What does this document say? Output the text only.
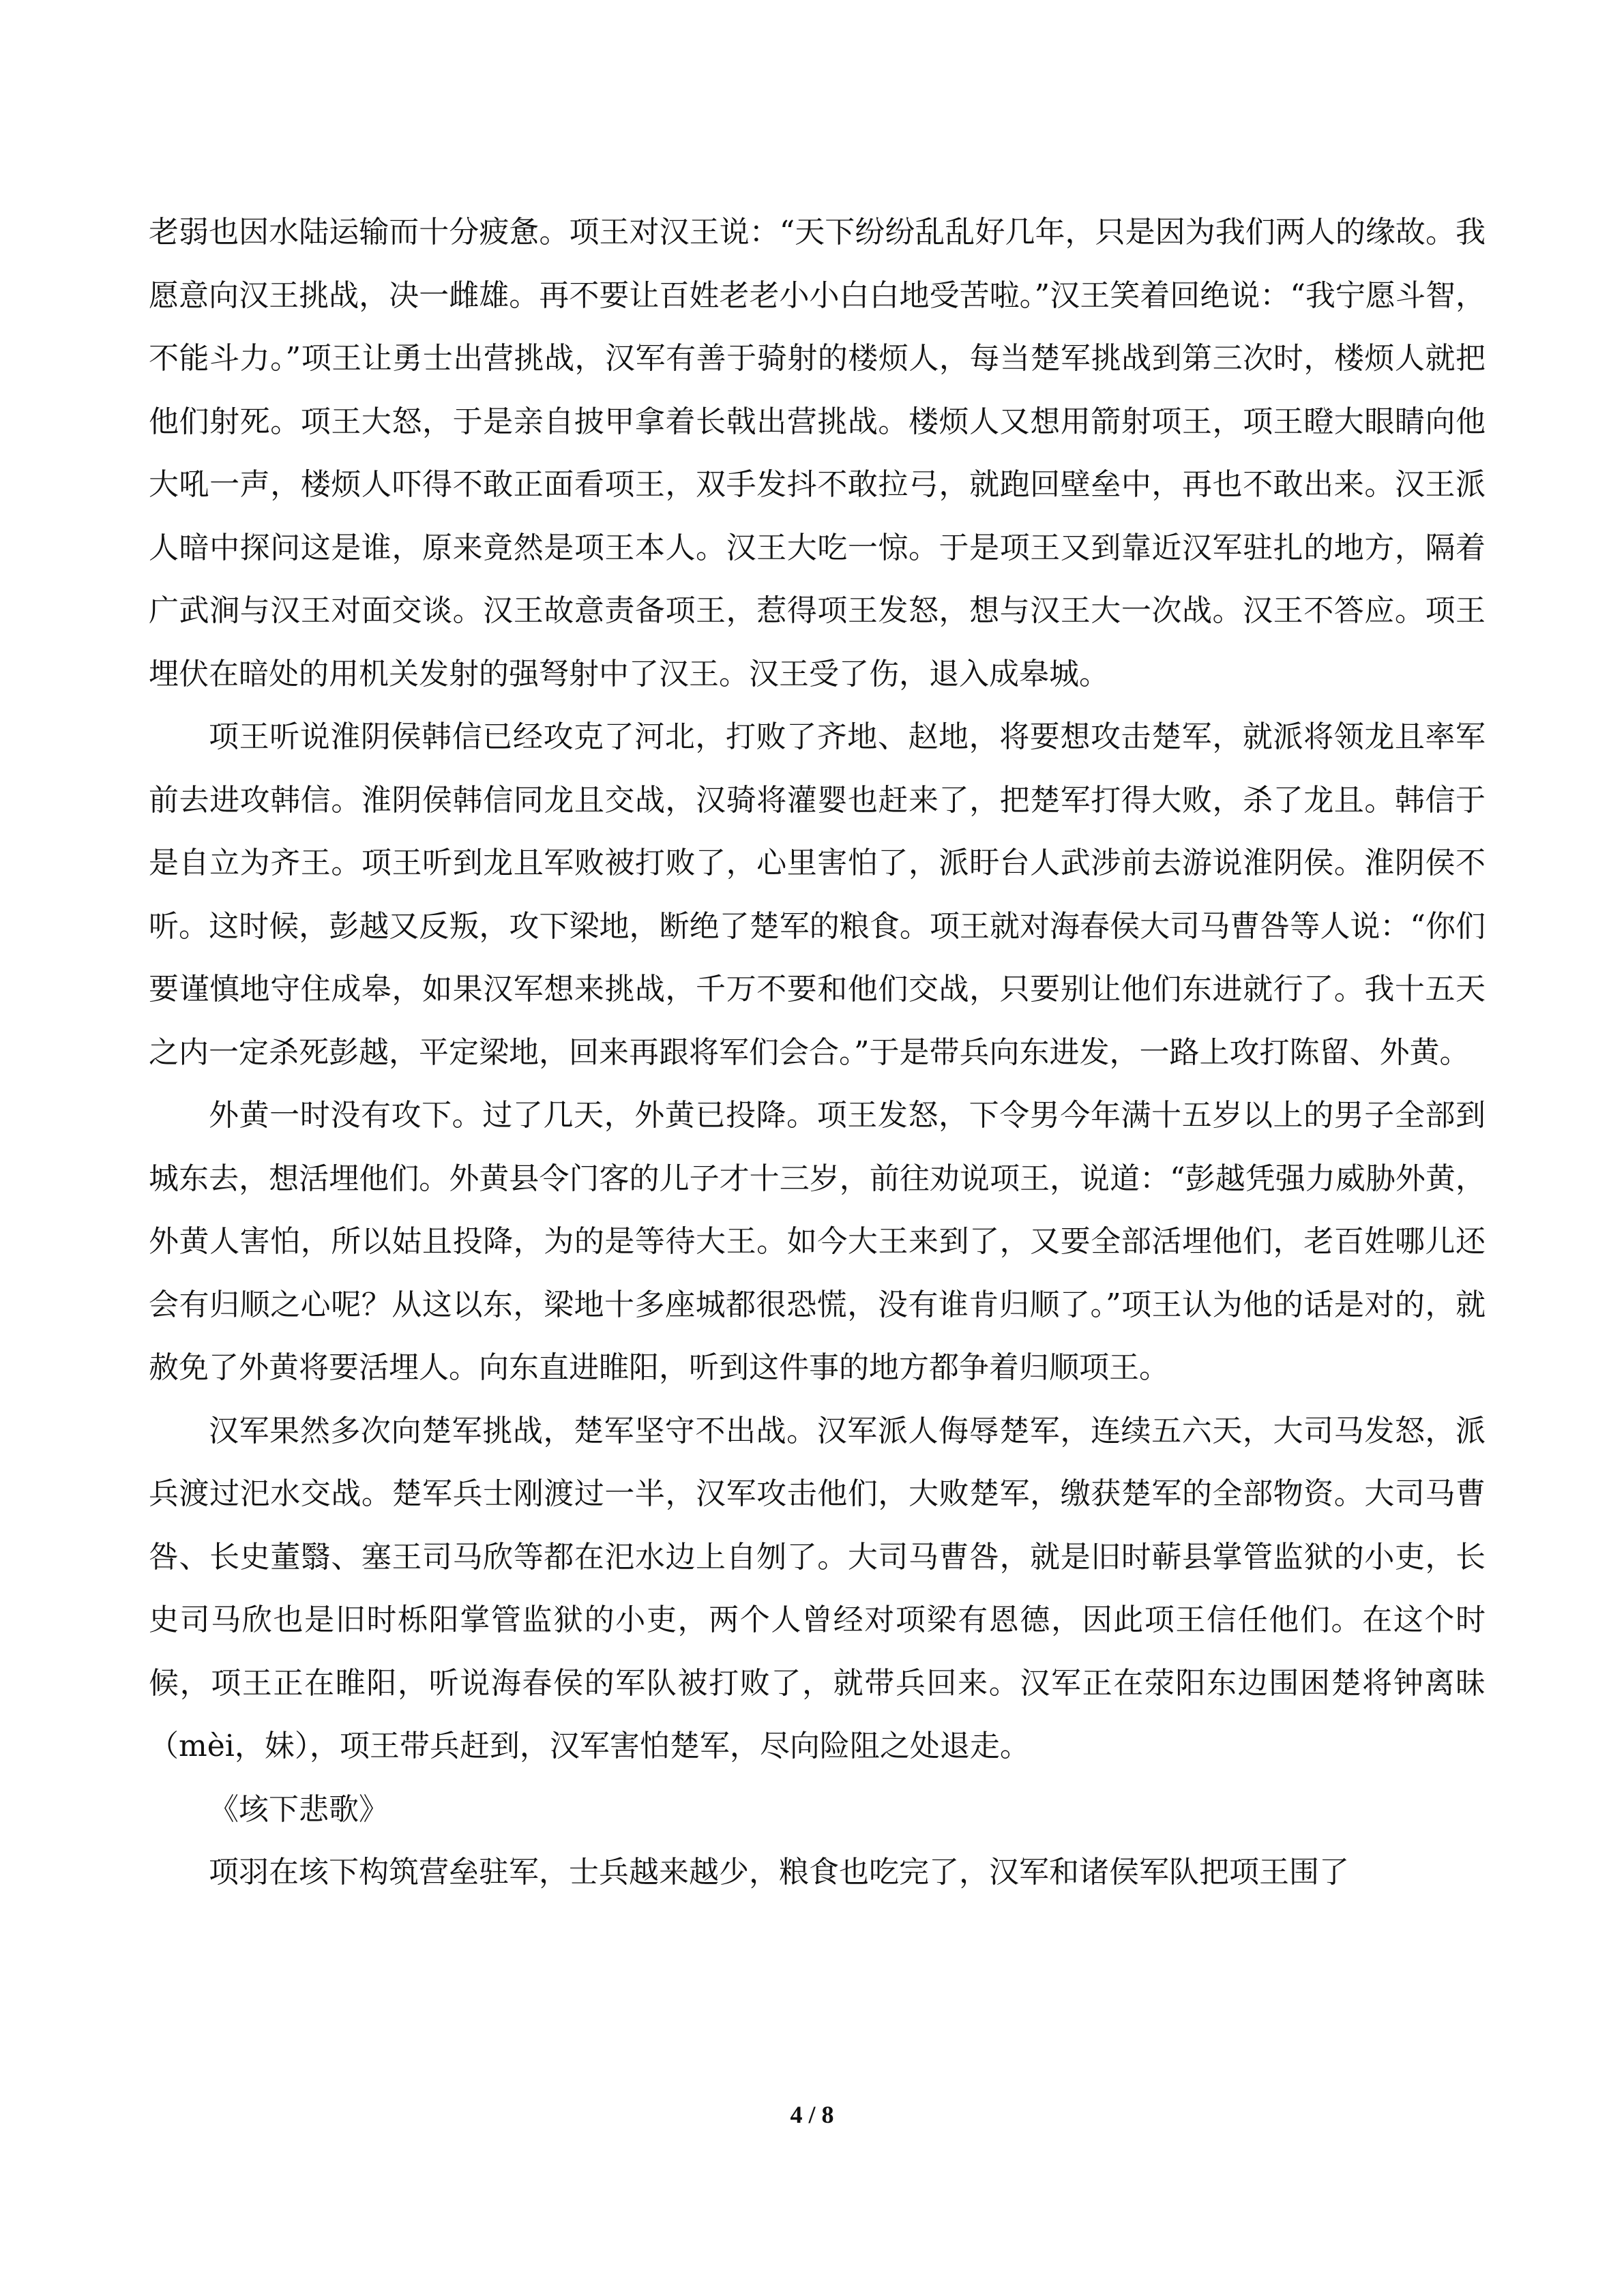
老弱也因水陆运输而十分疲惫。项王对汉王说：“天下纷纷乱乱好几年，只是因为我们两人的缘故。我愿意向汉王挑战，决一雌雄。再不要让百姓老老小小白白地受苦啦。”汉王笑着回绝说：“我宁愿斗智，不能斗力。”项王让勇士出营挑战，汉军有善于骑射的楼烦人，每当楚军挑战到第三次时，楼烦人就把他们射死。项王大怒，于是亲自披甲拿着长戟出营挑战。楼烦人又想用箭射项王，项王瞪大眼睛向他大吼一声，楼烦人吓得不敢正面看项王，双手发抖不敢拉弓，就跑回壁垒中，再也不敢出来。汉王派人暗中探问这是谁，原来竟然是项王本人。汉王大吃一惊。于是项王又到靠近汉军驻扎的地方，隔着广武涧与汉王对面交谈。汉王故意责备项王，惹得项王发怒，想与汉王大一次战。汉王不答应。项王埋伏在暗处的用机关发射的强弩射中了汉王。汉王受了伤，退入成皋城。

项王听说淮阴侯韩信已经攻克了河北，打败了齐地、赵地，将要想攻击楚军，就派将领龙且率军前去进攻韩信。淮阴侯韩信同龙且交战，汉骑将灌婴也赶来了，把楚军打得大败，杀了龙且。韩信于是自立为齐王。项王听到龙且军败被打败了，心里害怕了，派盱台人武涉前去游说淮阴侯。淮阴侯不听。这时候，彭越又反叛，攻下梁地，断绝了楚军的粮食。项王就对海春侯大司马曹咎等人说：“你们要谨慎地守住成皋，如果汉军想来挑战，千万不要和他们交战，只要别让他们东进就行了。我十五天之内一定杀死彭越，平定梁地，回来再跟将军们会合。”于是带兵向东进发，一路上攻打陈留、外黄。

外黄一时没有攻下。过了几天，外黄已投降。项王发怒，下令男今年满十五岁以上的男子全部到城东去，想活埋他们。外黄县令门客的儿子才十三岁，前往劝说项王，说道：“彭越凭强力威胁外黄，外黄人害怕，所以姑且投降，为的是等待大王。如今大王来到了，又要全部活埋他们，老百姓哪儿还会有归顺之心呢？从这以东，梁地十多座城都很恐慌，没有谁肯归顺了。”项王认为他的话是对的，就赦免了外黄将要活埋人。向东直进睢阳，听到这件事的地方都争着归顺项王。

汉军果然多次向楚军挑战，楚军坚守不出战。汉军派人侮辱楚军，连续五六天，大司马发怒，派兵渡过汜水交战。楚军兵士刚渡过一半，汉军攻击他们，大败楚军，缴获楚军的全部物资。大司马曹咎、长史董翳、塞王司马欣等都在汜水边上自刎了。大司马曹咎，就是旧时蕲县掌管监狱的小吏，长史司马欣也是旧时栎阳掌管监狱的小吏，两个人曾经对项梁有恩德，因此项王信任他们。在这个时候，项王正在睢阳，听说海春侯的军队被打败了，就带兵回来。汉军正在荥阳东边围困楚将钟离昧（mèi，妹），项王带兵赶到，汉军害怕楚军，尽向险阻之处退走。

《垓下悲歌》

项羽在垓下构筑营垒驻军，士兵越来越少，粮食也吃完了，汉军和诸侯军队把项王围了

4 / 8
